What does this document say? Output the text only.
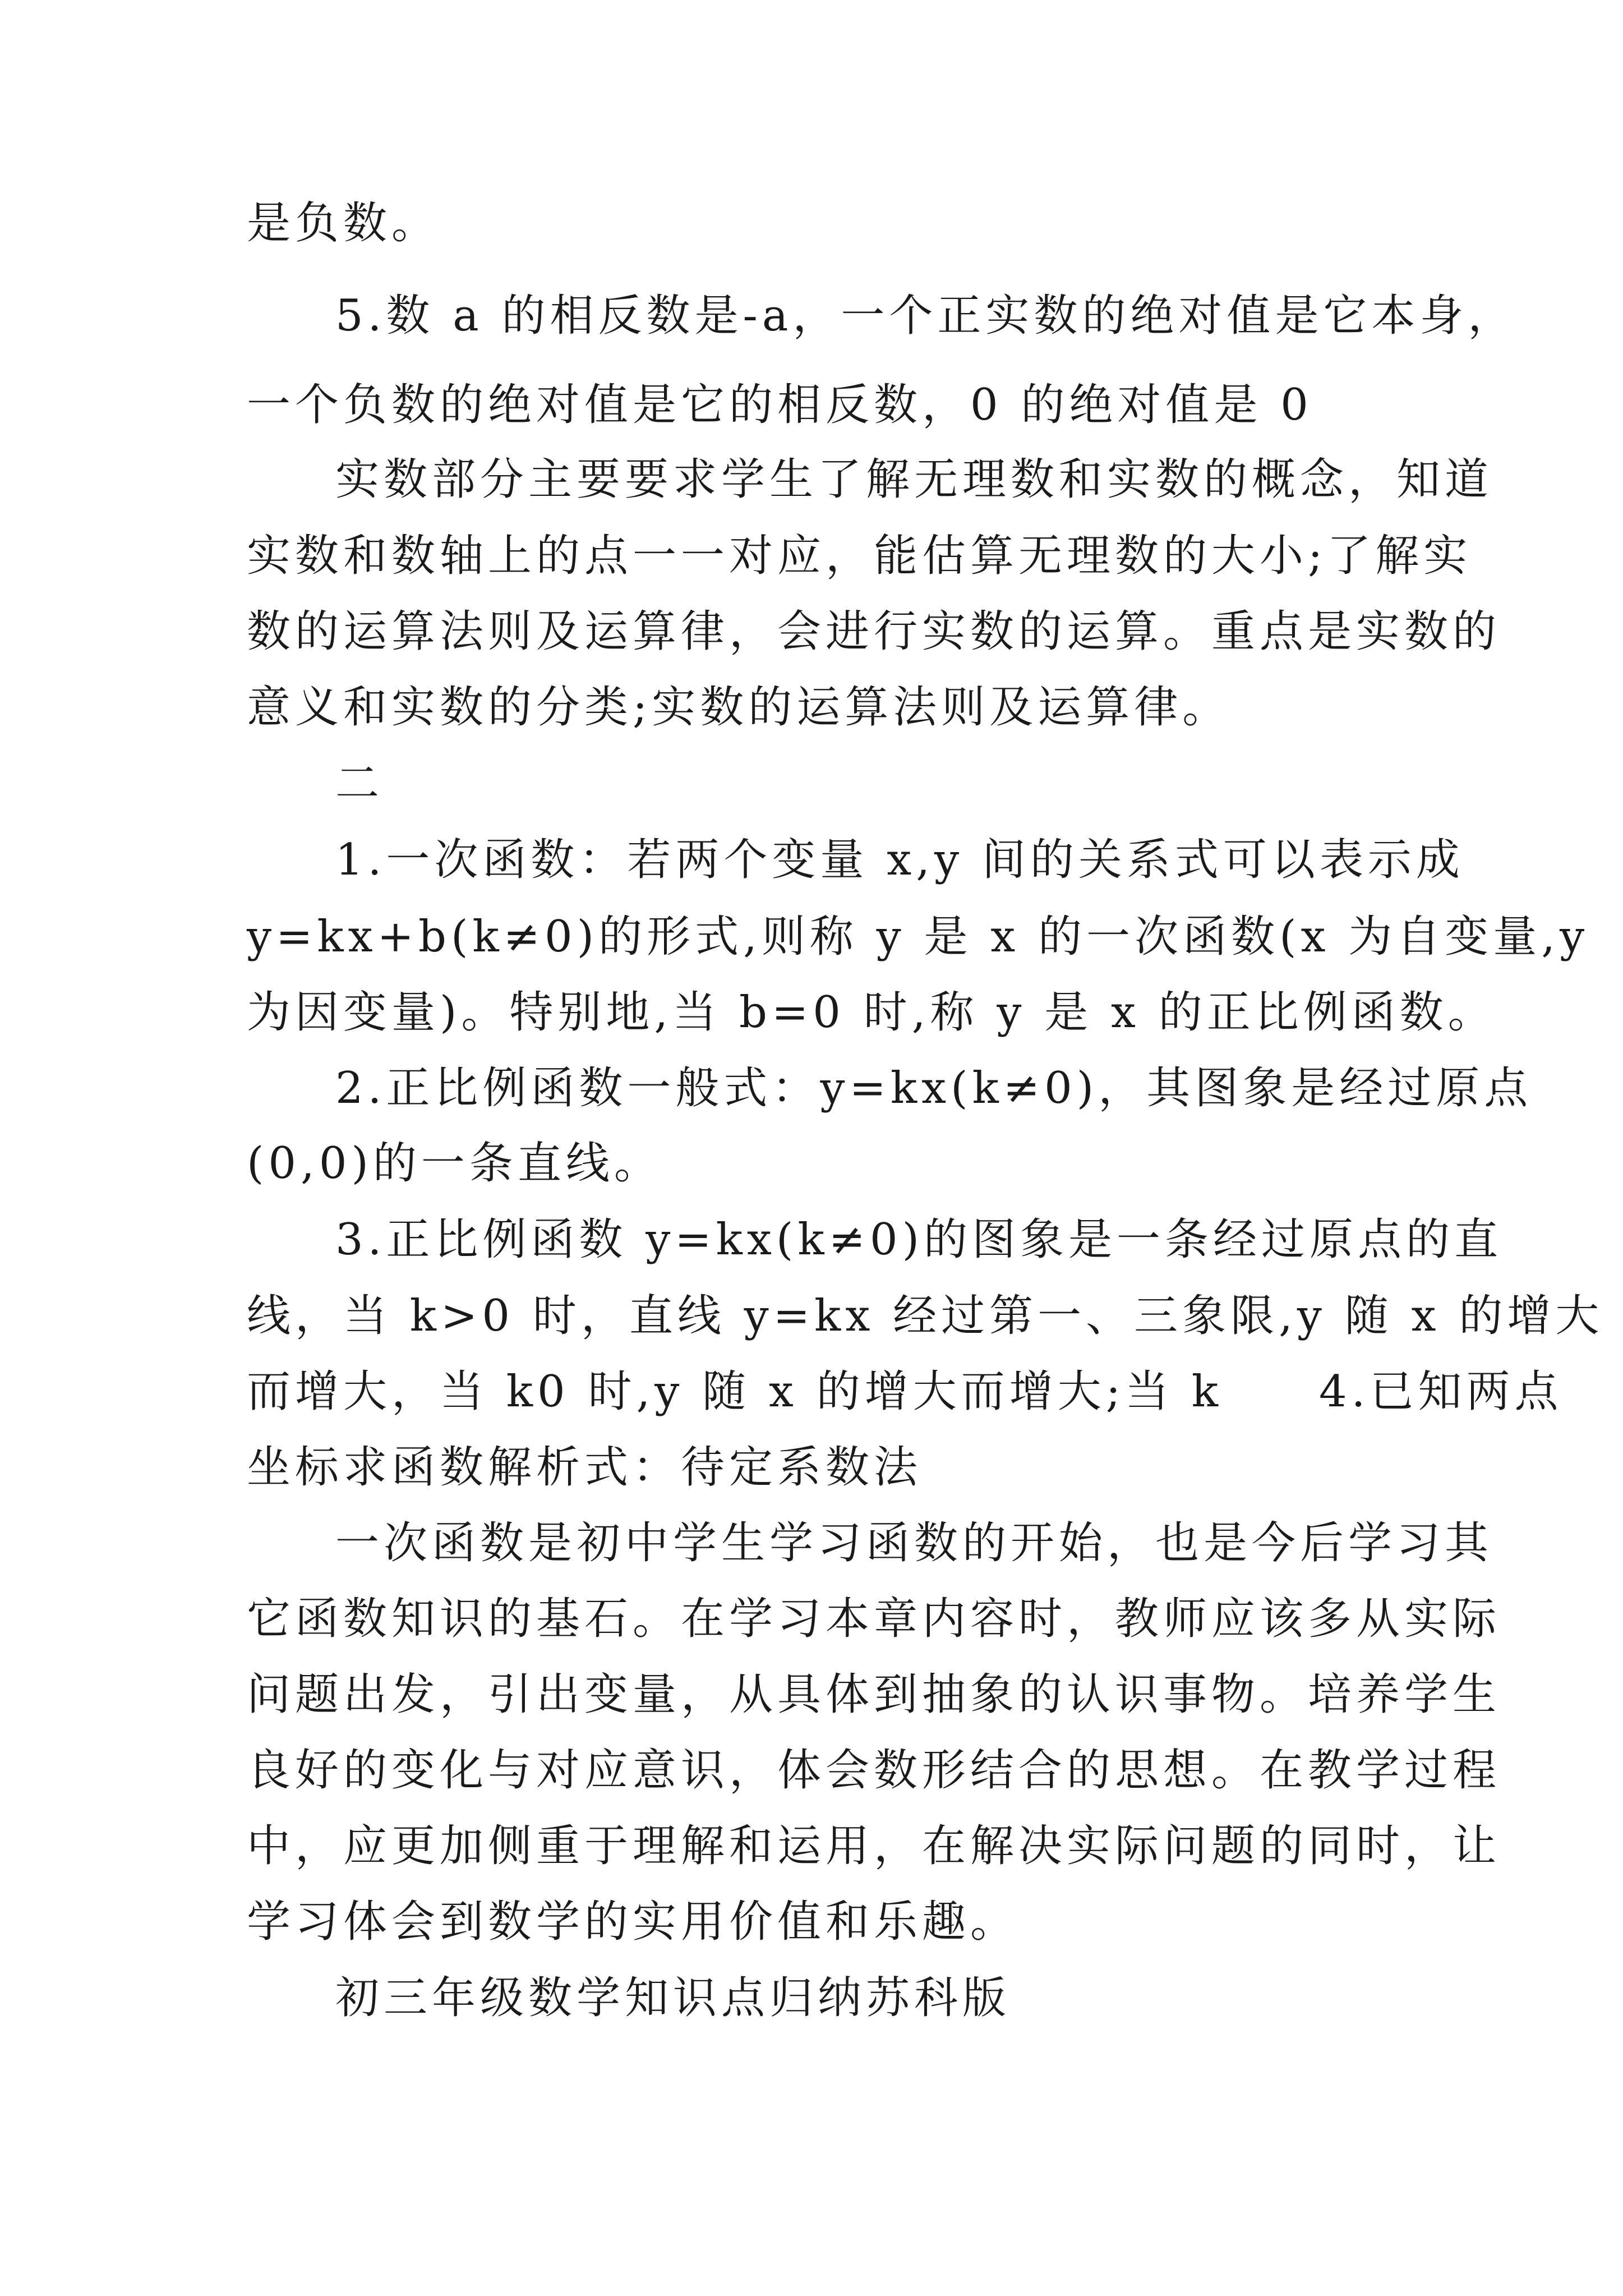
是负数。
5.数 a 的相反数是-a，一个正实数的绝对值是它本身，
一个负数的绝对值是它的相反数，0 的绝对值是 0
实数部分主要要求学生了解无理数和实数的概念，知道
实数和数轴上的点一一对应，能估算无理数的大小;了解实
数的运算法则及运算律，会进行实数的运算。重点是实数的
意义和实数的分类;实数的运算法则及运算律。
二
1.一次函数：若两个变量 x,y 间的关系式可以表示成
y=kx+b(k≠0)的形式,则称 y 是 x 的一次函数(x 为自变量,y
为因变量)。特别地,当 b=0 时,称 y 是 x 的正比例函数。
2.正比例函数一般式：y=kx(k≠0)，其图象是经过原点
(0,0)的一条直线。
3.正比例函数 y=kx(k≠0)的图象是一条经过原点的直
线，当 k>0 时，直线 y=kx 经过第一、三象限,y 随 x 的增大
而增大，当 k0 时,y 随 x 的增大而增大;当 k　　4.已知两点
坐标求函数解析式：待定系数法
一次函数是初中学生学习函数的开始，也是今后学习其
它函数知识的基石。在学习本章内容时，教师应该多从实际
问题出发，引出变量，从具体到抽象的认识事物。培养学生
良好的变化与对应意识，体会数形结合的思想。在教学过程
中，应更加侧重于理解和运用，在解决实际问题的同时，让
学习体会到数学的实用价值和乐趣。
初三年级数学知识点归纳苏科版
